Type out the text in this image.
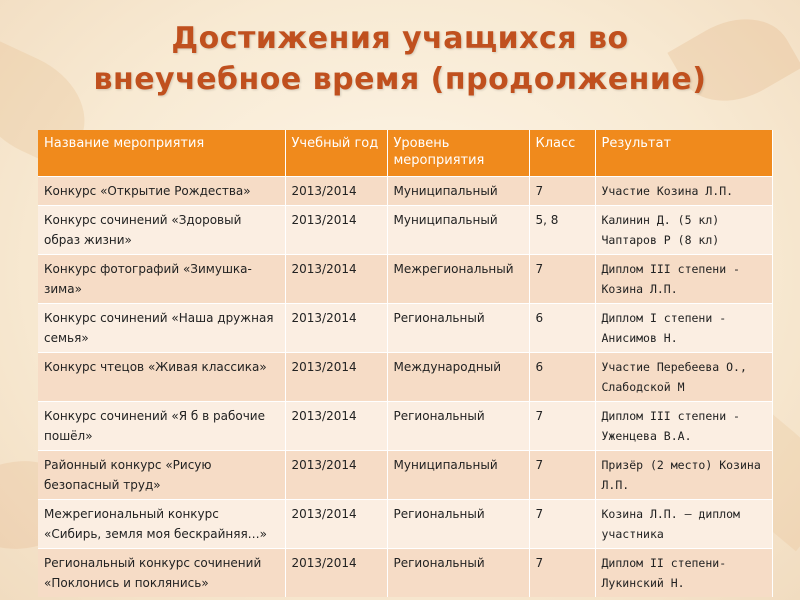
Достижения учащихся во
внеучебное время (продолжение)
Название мероприятия	Учебный год	Уровень мероприятия	Класс	Результат
Конкурс «Открытие Рождества»	2013/2014	Муниципальный	7	Участие Козина Л.П.
Конкурс сочинений «Здоровый образ жизни»	2013/2014	Муниципальный	5, 8	Калинин Д. (5 кл) Чаптаров Р (8 кл)
Конкурс фотографий «Зимушка-зима»	2013/2014	Межрегиональный	7	Диплом III степени - Козина Л.П.
Конкурс сочинений «Наша дружная семья»	2013/2014	Региональный	6	Диплом I степени - Анисимов Н.
Конкурс чтецов «Живая классика»	2013/2014	Международный	6	Участие Перебеева О., Слабодской М
Конкурс сочинений «Я б в рабочие пошёл»	2013/2014	Региональный	7	Диплом III степени - Уженцева В.А.
Районный конкурс «Рисую безопасный труд»	2013/2014	Муниципальный	7	Призёр (2 место) Козина Л.П.
Межрегиональный конкурс «Сибирь, земля моя бескрайняя…»	2013/2014	Региональный	7	Козина Л.П. – диплом участника
Региональный конкурс сочинений «Поклонись и поклянись»	2013/2014	Региональный	7	Диплом II степени-Лукинский Н.
